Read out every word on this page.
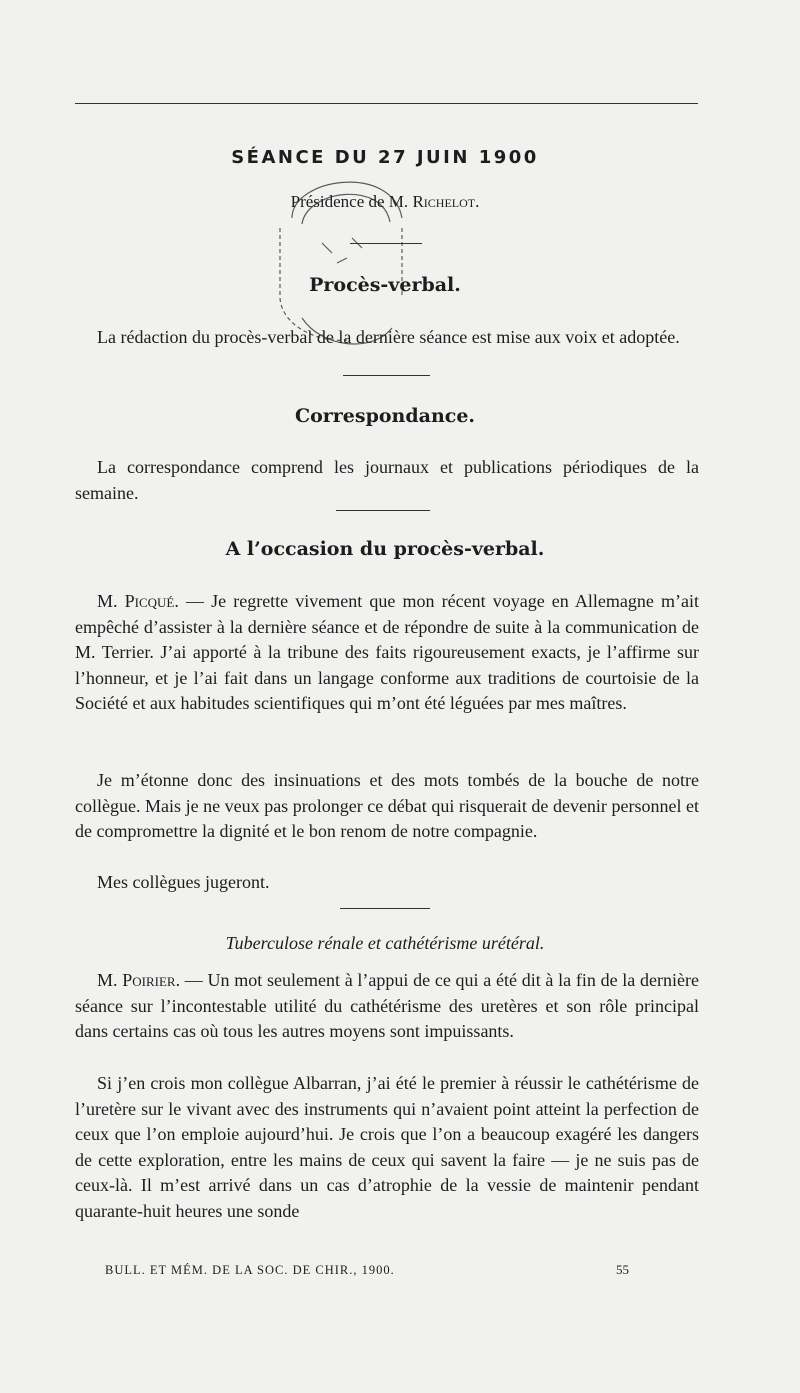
SÉANCE DU 27 JUIN 1900
Présidence de M. Richelot.
Procès-verbal.

La rédaction du procès-verbal de la dernière séance est mise aux voix et adoptée.

Correspondance.

La correspondance comprend les journaux et publications périodiques de la semaine.

A l’occasion du procès-verbal.

M. Picqué. — Je regrette vivement que mon récent voyage en Allemagne m’ait empêché d’assister à la dernière séance et de répondre de suite à la communication de M. Terrier. J’ai apporté à la tribune des faits rigoureusement exacts, je l’affirme sur l’honneur, et je l’ai fait dans un langage conforme aux traditions de courtoisie de la Société et aux habitudes scientifiques qui m’ont été léguées par mes maîtres.

Je m’étonne donc des insinuations et des mots tombés de la bouche de notre collègue. Mais je ne veux pas prolonger ce débat qui risquerait de devenir personnel et de compromettre la dignité et le bon renom de notre compagnie.

Mes collègues jugeront.

Tuberculose rénale et cathétérisme urétéral.

M. Poirier. — Un mot seulement à l’appui de ce qui a été dit à la fin de la dernière séance sur l’incontestable utilité du cathétérisme des uretères et son rôle principal dans certains cas où tous les autres moyens sont impuissants.

Si j’en crois mon collègue Albarran, j’ai été le premier à réussir le cathétérisme de l’uretère sur le vivant avec des instruments qui n’avaient point atteint la perfection de ceux que l’on emploie aujourd’hui. Je crois que l’on a beaucoup exagéré les dangers de cette exploration, entre les mains de ceux qui savent la faire — je ne suis pas de ceux-là. Il m’est arrivé dans un cas d’atrophie de la vessie de maintenir pendant quarante-huit heures une sonde

BULL. ET MÉM. DE LA SOC. DE CHIR., 1900.	55
